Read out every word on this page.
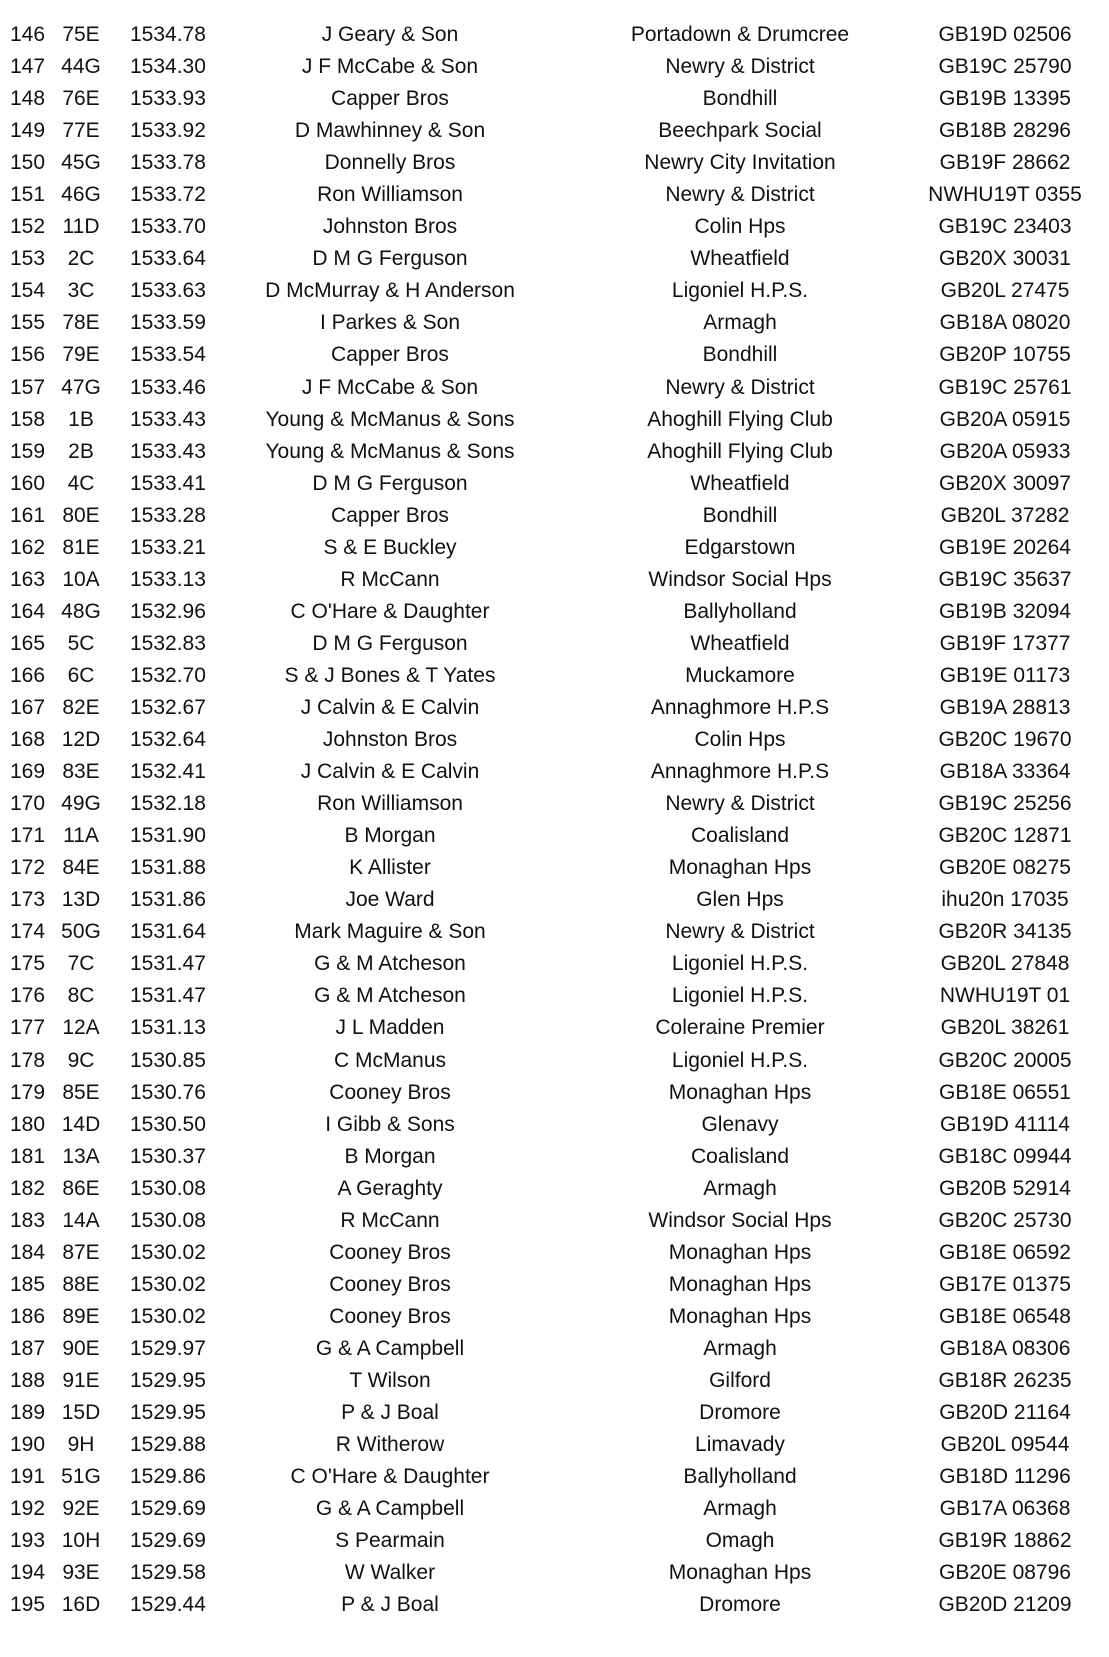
146 75E	1534.78	J Geary & Son	Portadown & Drumcree	GB19D 02506
147 44G 1534.30	J F McCabe & Son	Newry & District	GB19C 25790
148 76E	1533.93	Capper Bros	Bondhill	GB19B 13395
149 77E	1533.92	D Mawhinney & Son	Beechpark Social	GB18B 28296
150 45G 1533.78	Donnelly Bros	Newry City Invitation	GB19F 28662
151 46G 1533.72	Ron Williamson	Newry & District	NWHU19T 0355
152 11D	1533.70	Johnston Bros	Colin Hps	GB19C 23403
153	2C	1533.64	D M G Ferguson	Wheatfield	GB20X 30031
154	3C	1533.63	D McMurray & H Anderson	Ligoniel H.P.S.	GB20L 27475
155 78E	1533.59	I Parkes & Son	Armagh	GB18A 08020
156 79E	1533.54	Capper Bros	Bondhill	GB20P 10755
157 47G 1533.46	J F McCabe & Son	Newry & District	GB19C 25761
158	1B	1533.43	Young & McManus & Sons	Ahoghill Flying Club	GB20A 05915
159	2B	1533.43	Young & McManus & Sons	Ahoghill Flying Club	GB20A 05933
160	4C	1533.41	D M G Ferguson	Wheatfield	GB20X 30097
161 80E	1533.28	Capper Bros	Bondhill	GB20L 37282
162 81E	1533.21	S & E Buckley	Edgarstown	GB19E 20264
163 10A	1533.13	R McCann	Windsor Social Hps	GB19C 35637
164 48G 1532.96	C O'Hare & Daughter	Ballyholland	GB19B 32094
165	5C	1532.83	D M G Ferguson	Wheatfield	GB19F 17377
166	6C	1532.70	S & J Bones & T Yates	Muckamore	GB19E 01173
167 82E	1532.67	J Calvin & E Calvin	Annaghmore H.P.S	GB19A 28813
168 12D 1532.64	Johnston Bros	Colin Hps	GB20C 19670
169 83E	1532.41	J Calvin & E Calvin	Annaghmore H.P.S	GB18A 33364
170 49G 1532.18	Ron Williamson	Newry & District	GB19C 25256
171 11A	1531.90	B Morgan	Coalisland	GB20C 12871
172 84E	1531.88	K Allister	Monaghan Hps	GB20E 08275
173 13D 1531.86	Joe Ward	Glen Hps	ihu20n 17035
174 50G 1531.64	Mark Maguire & Son	Newry & District	GB20R 34135
175	7C	1531.47	G & M Atcheson	Ligoniel H.P.S.	GB20L 27848
176	8C	1531.47	G & M Atcheson	Ligoniel H.P.S.	NWHU19T 01
177 12A	1531.13	J L Madden	Coleraine Premier	GB20L 38261
178	9C	1530.85	C McManus	Ligoniel H.P.S.	GB20C 20005
179 85E	1530.76	Cooney Bros	Monaghan Hps	GB18E 06551
180 14D 1530.50	I Gibb & Sons	Glenavy	GB19D 41114
181 13A	1530.37	B Morgan	Coalisland	GB18C 09944
182 86E	1530.08	A Geraghty	Armagh	GB20B 52914
183 14A	1530.08	R McCann	Windsor Social Hps	GB20C 25730
184 87E	1530.02	Cooney Bros	Monaghan Hps	GB18E 06592
185 88E	1530.02	Cooney Bros	Monaghan Hps	GB17E 01375
186 89E	1530.02	Cooney Bros	Monaghan Hps	GB18E 06548
187 90E	1529.97	G & A Campbell	Armagh	GB18A 08306
188 91E	1529.95	T Wilson	Gilford	GB18R 26235
189 15D 1529.95	P & J Boal	Dromore	GB20D 21164
190	9H	1529.88	R Witherow	Limavady	GB20L 09544
191 51G 1529.86	C O'Hare & Daughter	Ballyholland	GB18D 11296
192 92E	1529.69	G & A Campbell	Armagh	GB17A 06368
193 10H 1529.69	S Pearmain	Omagh	GB19R 18862
194 93E	1529.58	W Walker	Monaghan Hps	GB20E 08796
195 16D 1529.44	P & J Boal	Dromore	GB20D 21209
